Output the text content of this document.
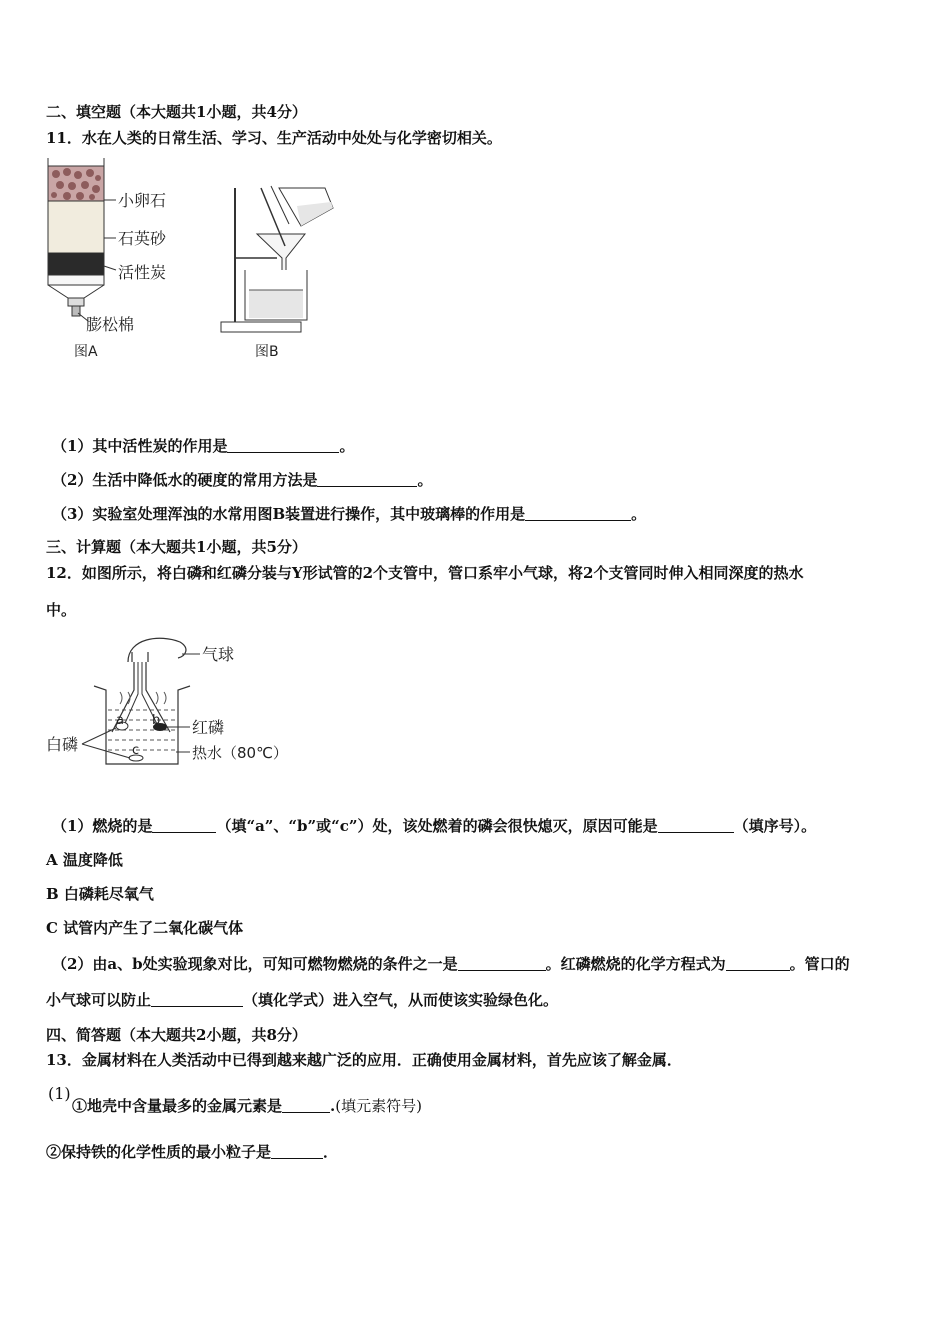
二、填空题（本大题共1小题，共4分）
11．水在人类的日常生活、学习、生产活动中处处与化学密切相关。
小卵石
石英砂
活性炭
膨松棉
图A	图B
（1）其中活性炭的作用是	。
（2）生活中降低水的硬度的常用方法是	。
（3）实验室处理浑浊的水常用图B装置进行操作，其中玻璃棒的作用是	。
三、计算题（本大题共1小题，共5分）
12．如图所示，将白磷和红磷分装与Y形试管的2个支管中，管口系牢小气球，将2个支管同时伸入相同深度的热水
中。
气球
a b
c
红磷
热水（80℃）
白磷
（1）燃烧的是	（填“a”、“b”或“c”）处，该处燃着的磷会很快熄灭，原因可能是	（填序号）。
A 温度降低
B 白磷耗尽氧气
C 试管内产生了二氧化碳气体
（2）由a、b处实验现象对比，可知可燃物燃烧的条件之一是	。红磷燃烧的化学方程式为	。管口的
小气球可以防止	（填化学式）进入空气，从而使该实验绿色化。
四、简答题（本大题共2小题，共8分）
13．金属材料在人类活动中已得到越来越广泛的应用．正确使用金属材料，首先应该了解金属．
(1)
①地壳中含量最多的金属元素是	.(填元素符号)
②保持铁的化学性质的最小粒子是	．
